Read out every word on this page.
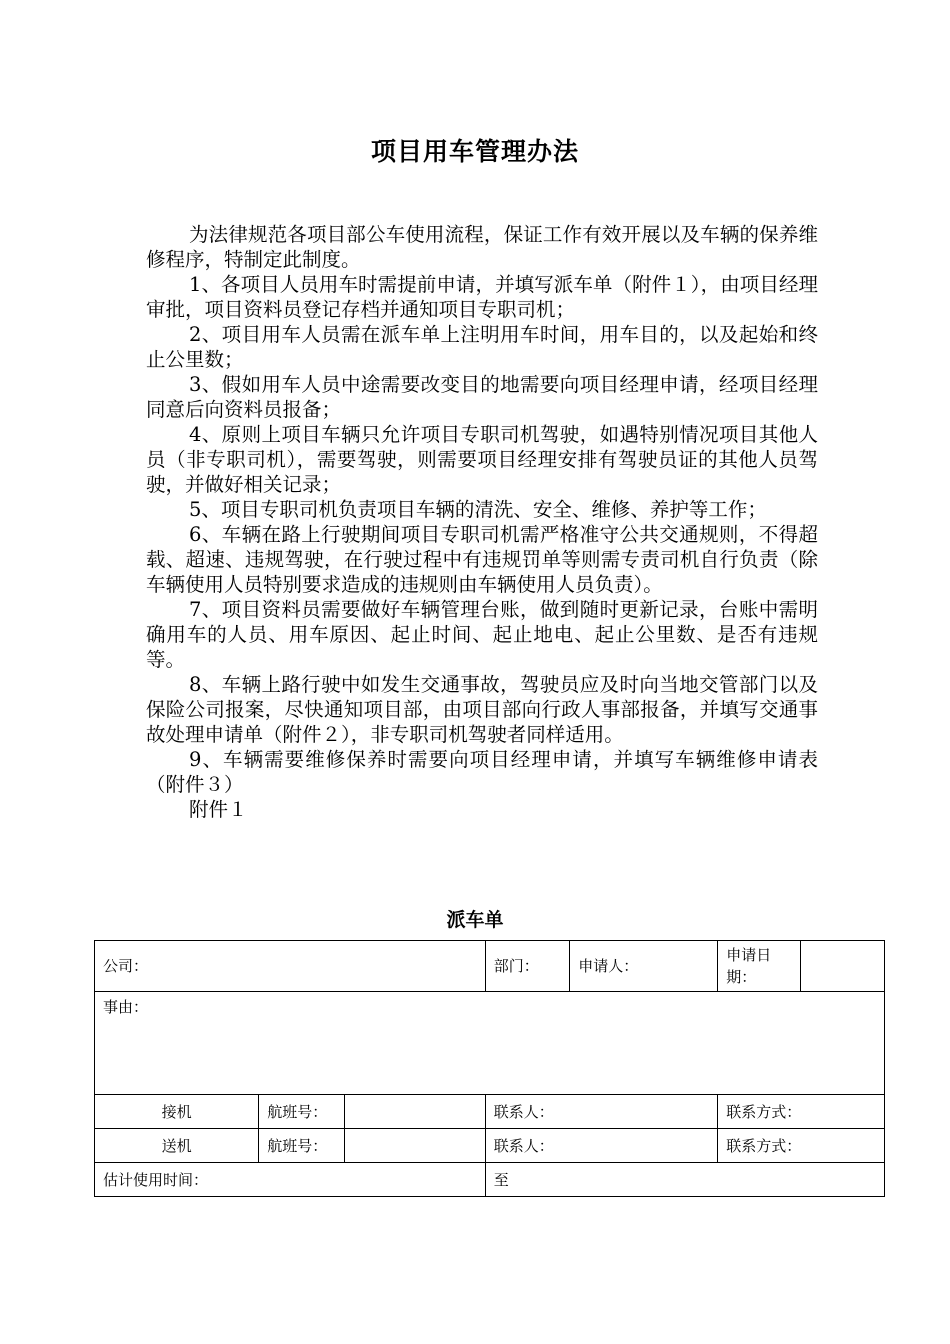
项目用车管理办法

为法律规范各项目部公车使用流程，保证工作有效开展以及车辆的保养维修程序，特制定此制度。

1、各项目人员用车时需提前申请，并填写派车单（附件１），由项目经理审批，项目资料员登记存档并通知项目专职司机；

2、项目用车人员需在派车单上注明用车时间，用车目的，以及起始和终止公里数；

3、假如用车人员中途需要改变目的地需要向项目经理申请，经项目经理同意后向资料员报备；

4、原则上项目车辆只允许项目专职司机驾驶，如遇特别情况项目其他人员（非专职司机），需要驾驶，则需要项目经理安排有驾驶员证的其他人员驾驶，并做好相关记录；

5、项目专职司机负责项目车辆的清洗、安全、维修、养护等工作；

6、车辆在路上行驶期间项目专职司机需严格准守公共交通规则，不得超载、超速、违规驾驶，在行驶过程中有违规罚单等则需专责司机自行负责（除车辆使用人员特别要求造成的违规则由车辆使用人员负责）。

7、项目资料员需要做好车辆管理台账，做到随时更新记录，台账中需明确用车的人员、用车原因、起止时间、起止地电、起止公里数、是否有违规等。

8、车辆上路行驶中如发生交通事故，驾驶员应及时向当地交管部门以及保险公司报案，尽快通知项目部，由项目部向行政人事部报备，并填写交通事故处理申请单（附件２），非专职司机驾驶者同样适用。

9、车辆需要维修保养时需要向项目经理申请，并填写车辆维修申请表（附件３）

附件１

派车单
公司：			部门：	申请人：	申请日期：	
事由：						
接机	航班号：		联系人：		联系方式：	
送机	航班号：		联系人：		联系方式：	
估计使用时间：			至			
